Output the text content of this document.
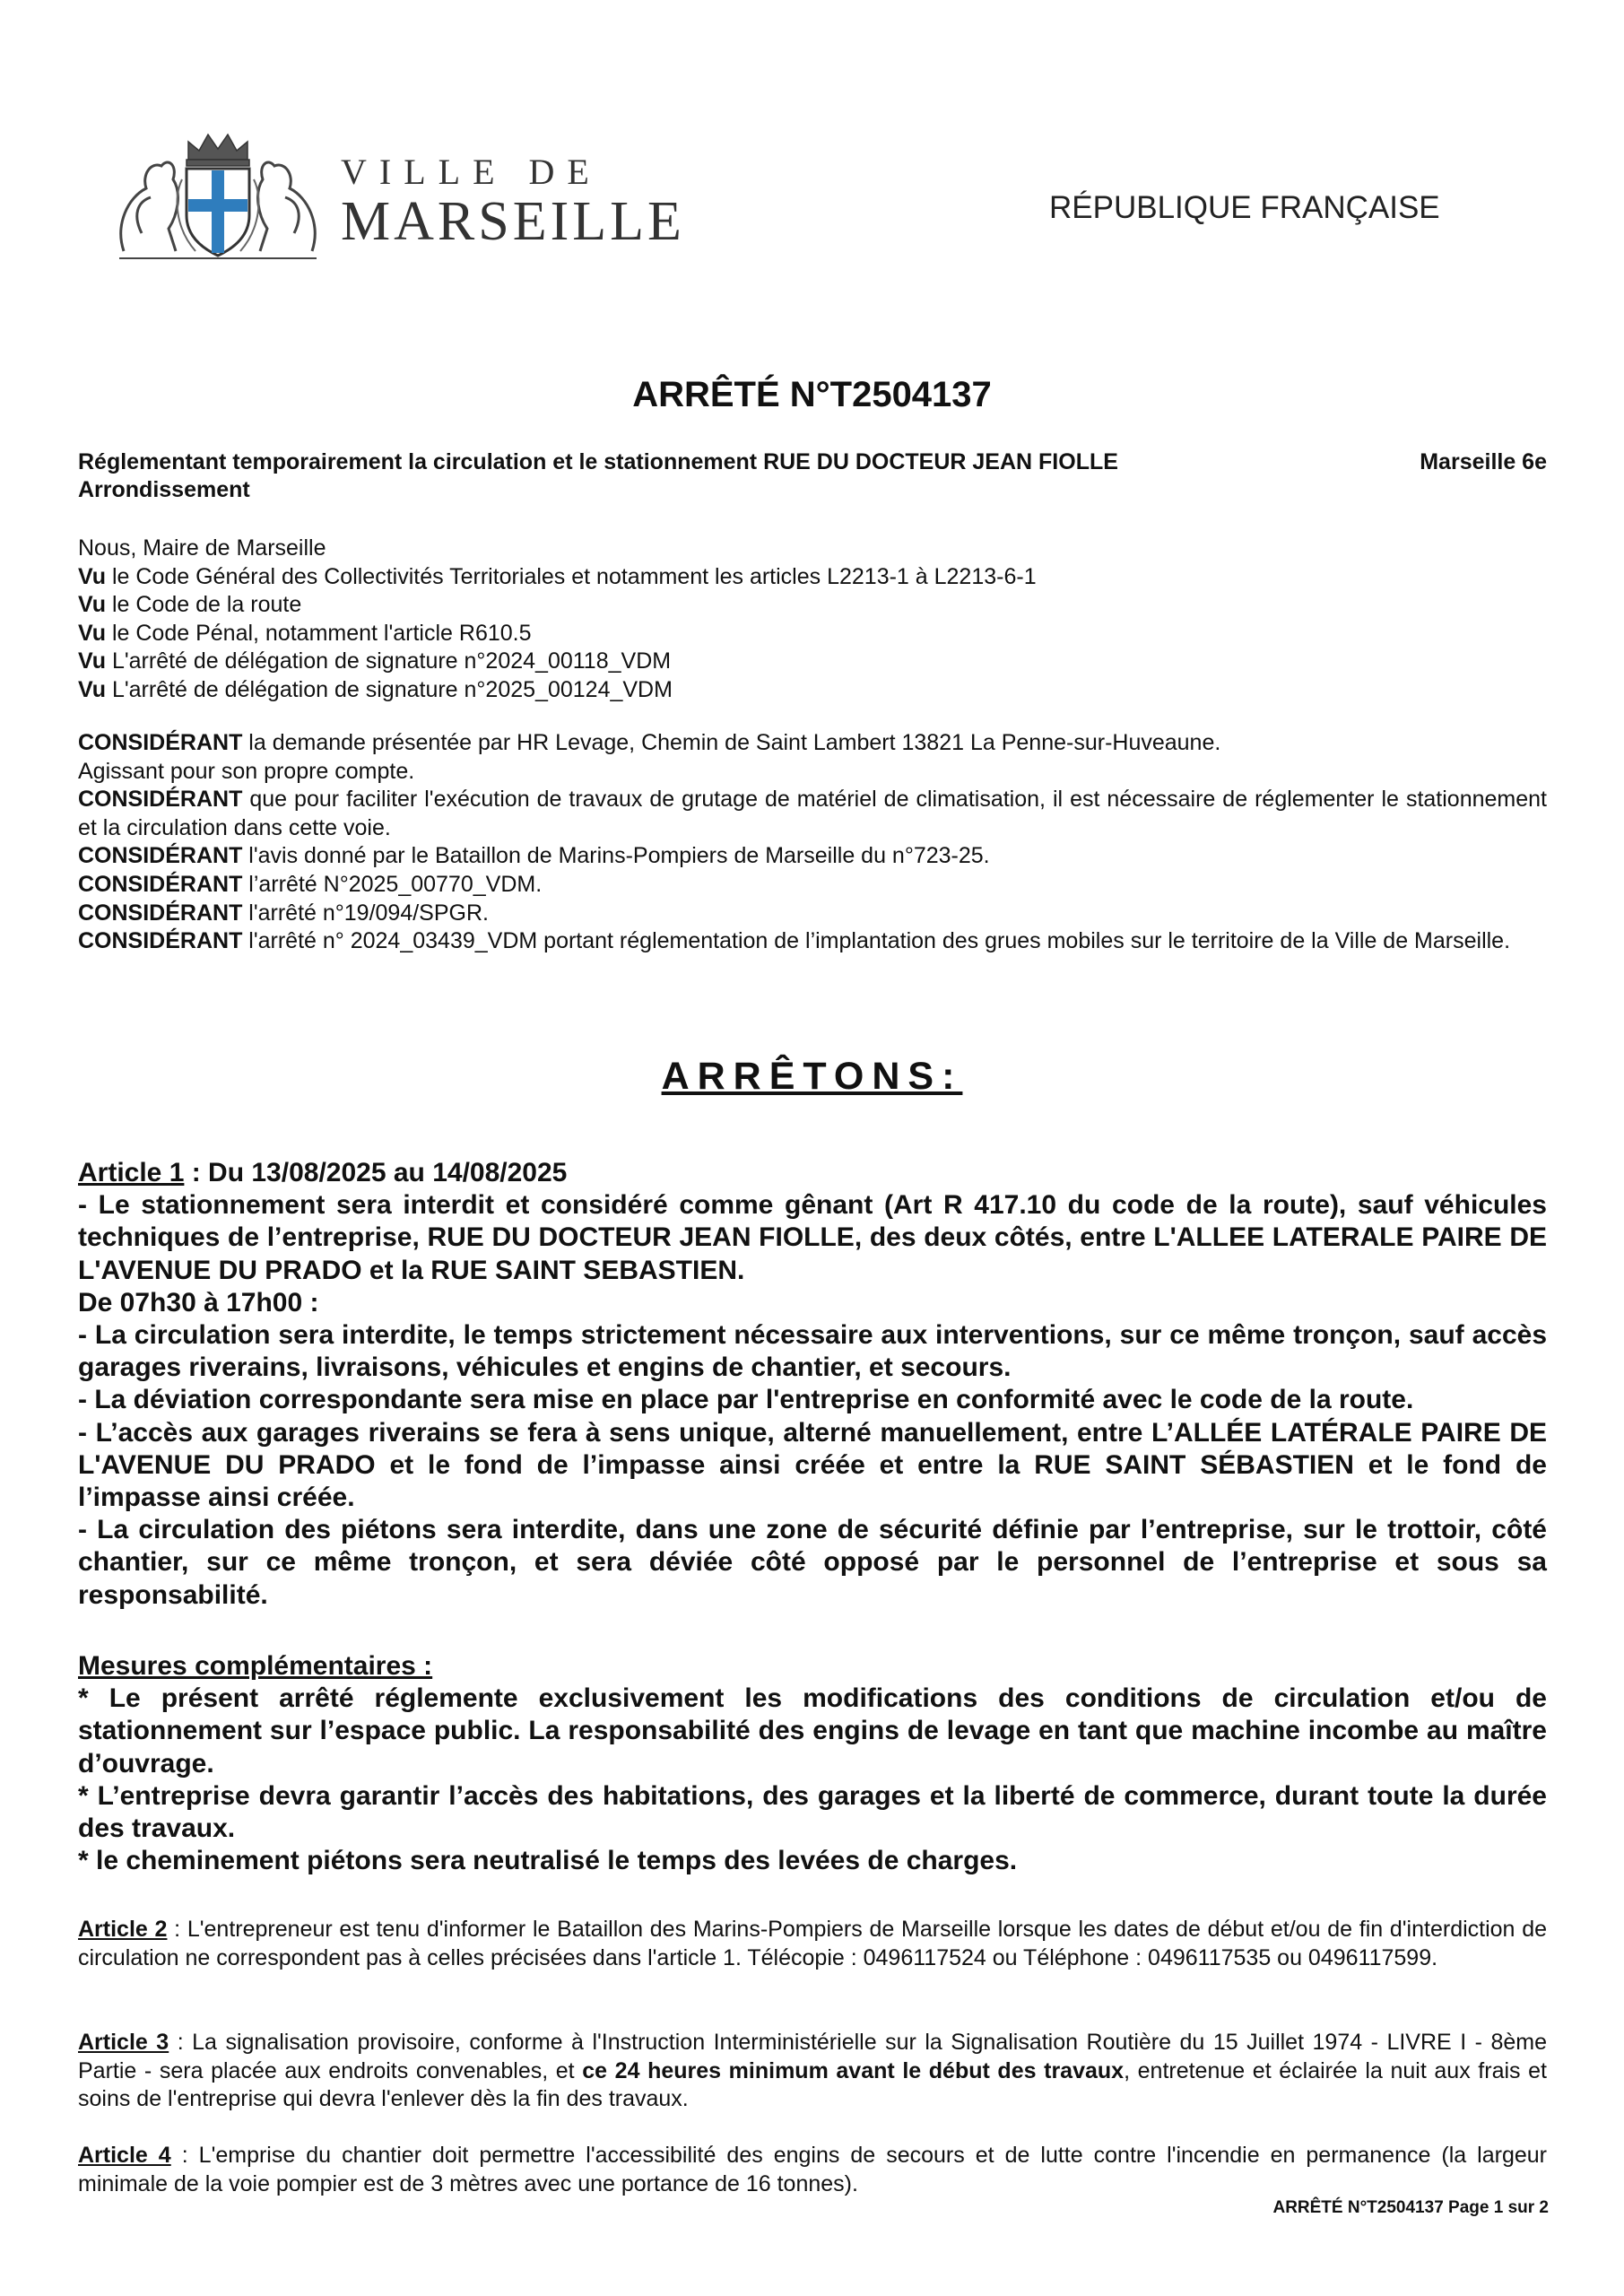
VILLE DE
MARSEILLE	RÉPUBLIQUE FRANÇAISE
ARRÊTÉ N°T2504137
Réglementant temporairement la circulation et le stationnement RUE DU DOCTEUR JEAN FIOLLE	Marseille 6e
Arrondissement

Nous, Maire de Marseille

Vu le Code Général des Collectivités Territoriales et notamment les articles L2213-1 à L2213-6-1

Vu le Code de la route

Vu le Code Pénal, notamment l'article R610.5

Vu L'arrêté de délégation de signature n°2024_00118_VDM

Vu L'arrêté de délégation de signature n°2025_00124_VDM

CONSIDÉRANT la demande présentée par HR Levage, Chemin de Saint Lambert 13821 La Penne-sur-Huveaune.

Agissant pour son propre compte.

CONSIDÉRANT que pour faciliter l'exécution de travaux de grutage de matériel de climatisation, il est nécessaire de réglementer le stationnement et la circulation dans cette voie.

CONSIDÉRANT l'avis donné par le Bataillon de Marins-Pompiers de Marseille du n°723-25.

CONSIDÉRANT l’arrêté N°2025_00770_VDM.

CONSIDÉRANT l'arrêté n°19/094/SPGR.

CONSIDÉRANT l'arrêté n° 2024_03439_VDM portant réglementation de l’implantation des grues mobiles sur le territoire de la Ville de Marseille.

ARRÊTONS:

Article 1 : Du 13/08/2025 au 14/08/2025

- Le stationnement sera interdit et considéré comme gênant (Art R 417.10 du code de la route), sauf véhicules techniques de l’entreprise, RUE DU DOCTEUR JEAN FIOLLE, des deux côtés, entre L'ALLEE LATERALE PAIRE DE L'AVENUE DU PRADO et la RUE SAINT SEBASTIEN.

De 07h30 à 17h00 :

- La circulation sera interdite, le temps strictement nécessaire aux interventions, sur ce même tronçon, sauf accès garages riverains, livraisons, véhicules et engins de chantier, et secours.

- La déviation correspondante sera mise en place par l'entreprise en conformité avec le code de la route.

- L’accès aux garages riverains se fera à sens unique, alterné manuellement, entre L’ALLÉE LATÉRALE PAIRE DE L'AVENUE DU PRADO et le fond de l’impasse ainsi créée et entre la RUE SAINT SÉBASTIEN et le fond de l’impasse ainsi créée.

- La circulation des piétons sera interdite, dans une zone de sécurité définie par l’entreprise, sur le trottoir, côté chantier, sur ce même tronçon, et sera déviée côté opposé par le personnel de l’entreprise et sous sa responsabilité.

Mesures complémentaires :

* Le présent arrêté réglemente exclusivement les modifications des conditions de circulation et/ou de stationnement sur l’espace public. La responsabilité des engins de levage en tant que machine incombe au maître d’ouvrage.

* L’entreprise devra garantir l’accès des habitations, des garages et la liberté de commerce, durant toute la durée des travaux.

* le cheminement piétons sera neutralisé le temps des levées de charges.

Article 2 : L'entrepreneur est tenu d'informer le Bataillon des Marins-Pompiers de Marseille lorsque les dates de début et/ou de fin d'interdiction de circulation ne correspondent pas à celles précisées dans l'article 1. Télécopie : 0496117524 ou Téléphone : 0496117535 ou 0496117599.

Article 3 : La signalisation provisoire, conforme à l'Instruction Interministérielle sur la Signalisation Routière du 15 Juillet 1974 - LIVRE I - 8ème Partie - sera placée aux endroits convenables, et ce 24 heures minimum avant le début des travaux, entretenue et éclairée la nuit aux frais et soins de l'entreprise qui devra l'enlever dès la fin des travaux.

Article 4 : L'emprise du chantier doit permettre l'accessibilité des engins de secours et de lutte contre l'incendie en permanence (la largeur minimale de la voie pompier est de 3 mètres avec une portance de 16 tonnes).

ARRÊTÉ N°T2504137 Page 1 sur 2
